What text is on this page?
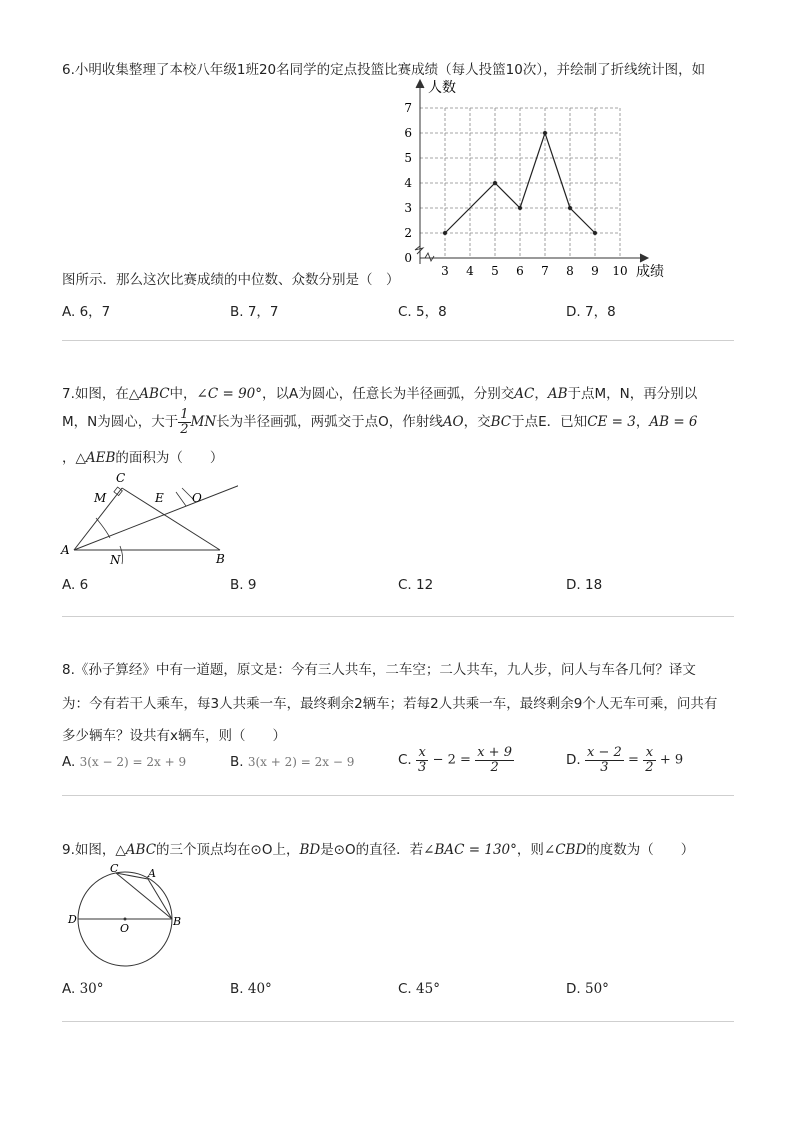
6.小明收集整理了本校八年级1班20名同学的定点投篮比赛成绩（每人投篮10次），并绘制了折线统计图，如
3 4 5 6 7 8 9 10
2
3
4
5
6
7
0
人数
成绩
图所示．那么这次比赛成绩的中位数、众数分别是（　）
A. 6，7	B. 7，7	C. 5，8	D. 7，8
7.如图，在△ABC中，∠C = 90°，以A为圆心，任意长为半径画弧，分别交AC，AB于点M，N，再分别以
M，N为圆心，大于 $\frac{1}{2}$ MN长为半径画弧，两弧交于点O，作射线AO，交BC于点E．已知CE = 3，AB = 6
，△AEB的面积为（　　）
A
B
C
E
M
N
O
A. 6	B. 9	C. 12	D. 18
8.《孙子算经》中有一道题，原文是：今有三人共车，二车空；二人共车，九人步，问人与车各几何？译文
为：今有若干人乘车，每3人共乘一车，最终剩余2辆车；若每2人共乘一车，最终剩余9个人无车可乘，问共有
多少辆车？设共有x辆车，则（　　）
A. 3(x − 2) = 2x + 9	B. 3(x + 2) = 2x − 9	C. $\frac{x}{3} - 2 = \frac{x + 9}{2}$	D. $\frac{x - 2}{3} = \frac{x}{2} + 9$
9.如图，△ABC的三个顶点均在⊙O上，BD是⊙O的直径．若∠BAC = 130°，则∠CBD的度数为（　　）
C	A
D	B
O
A. 30°	B. 40°	C. 45°	D. 50°
